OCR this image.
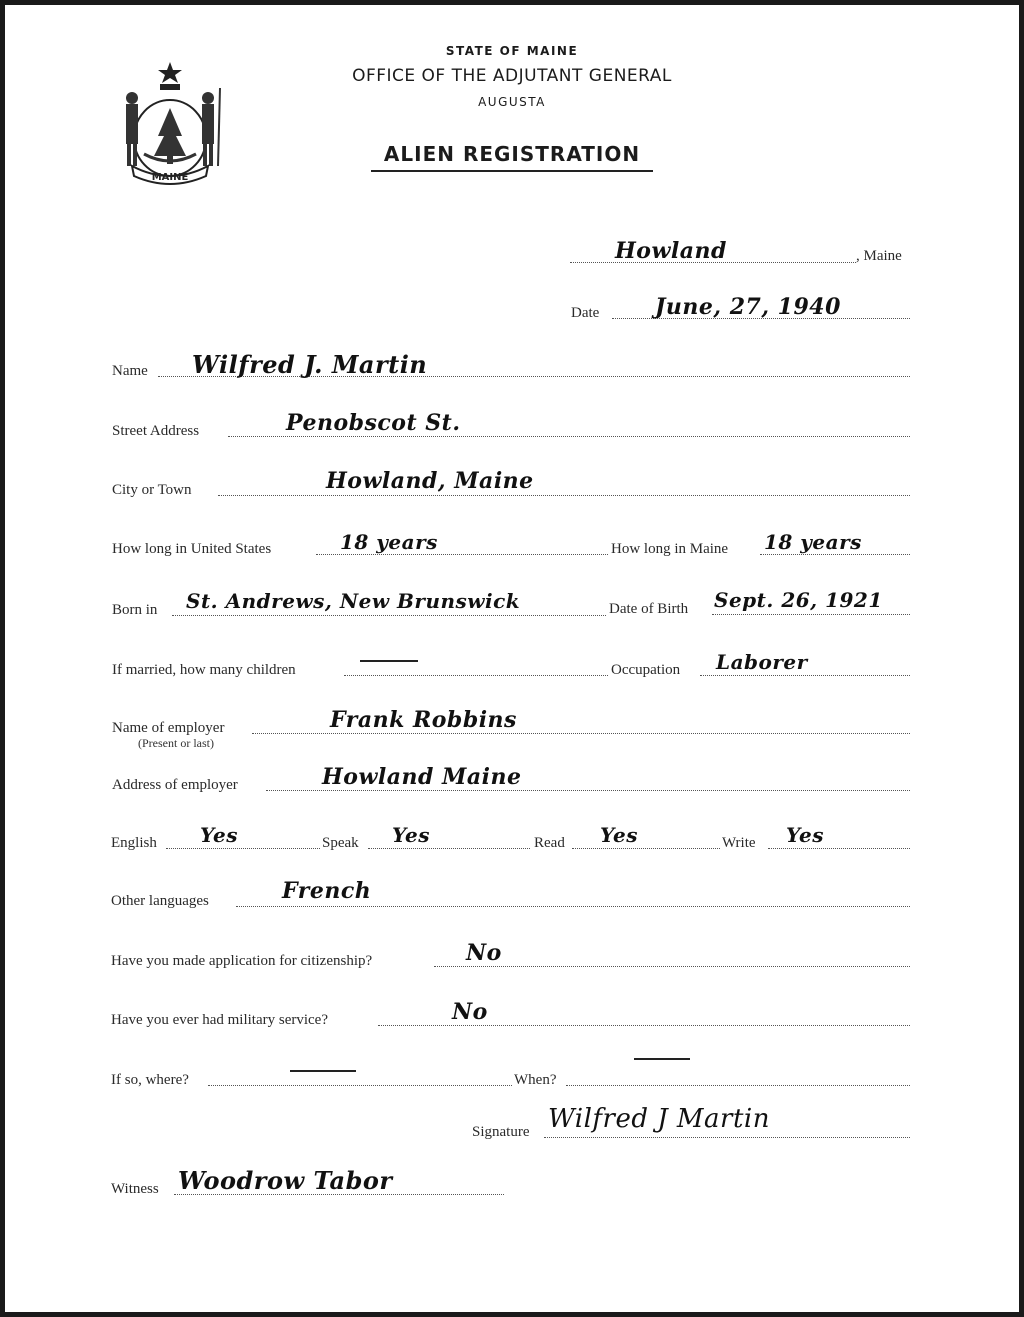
MAINE
STATE OF MAINE
OFFICE OF THE ADJUTANT GENERAL
AUGUSTA
ALIEN REGISTRATION
Howland	, Maine
Date	June, 27, 1940
Name Wilfred J. Martin
Street Address	Penobscot St.
City or Town	Howland, Maine
How long in United States	18 years	How long in Maine 18 years
Born in St. Andrews, New Brunswick	Date of Birth Sept. 26, 1921
If married, how many children	Occupation Laborer
Name of employer
(Present or last)
Frank Robbins
Address of employer	Howland Maine
English Yes	Speak Yes	Read Yes	Write Yes
Other languages	French
Have you made application for citizenship?	No
Have you ever had military service?	No
If so, where?	When?
Signature Wilfred J Martin
Witness Woodrow Tabor
